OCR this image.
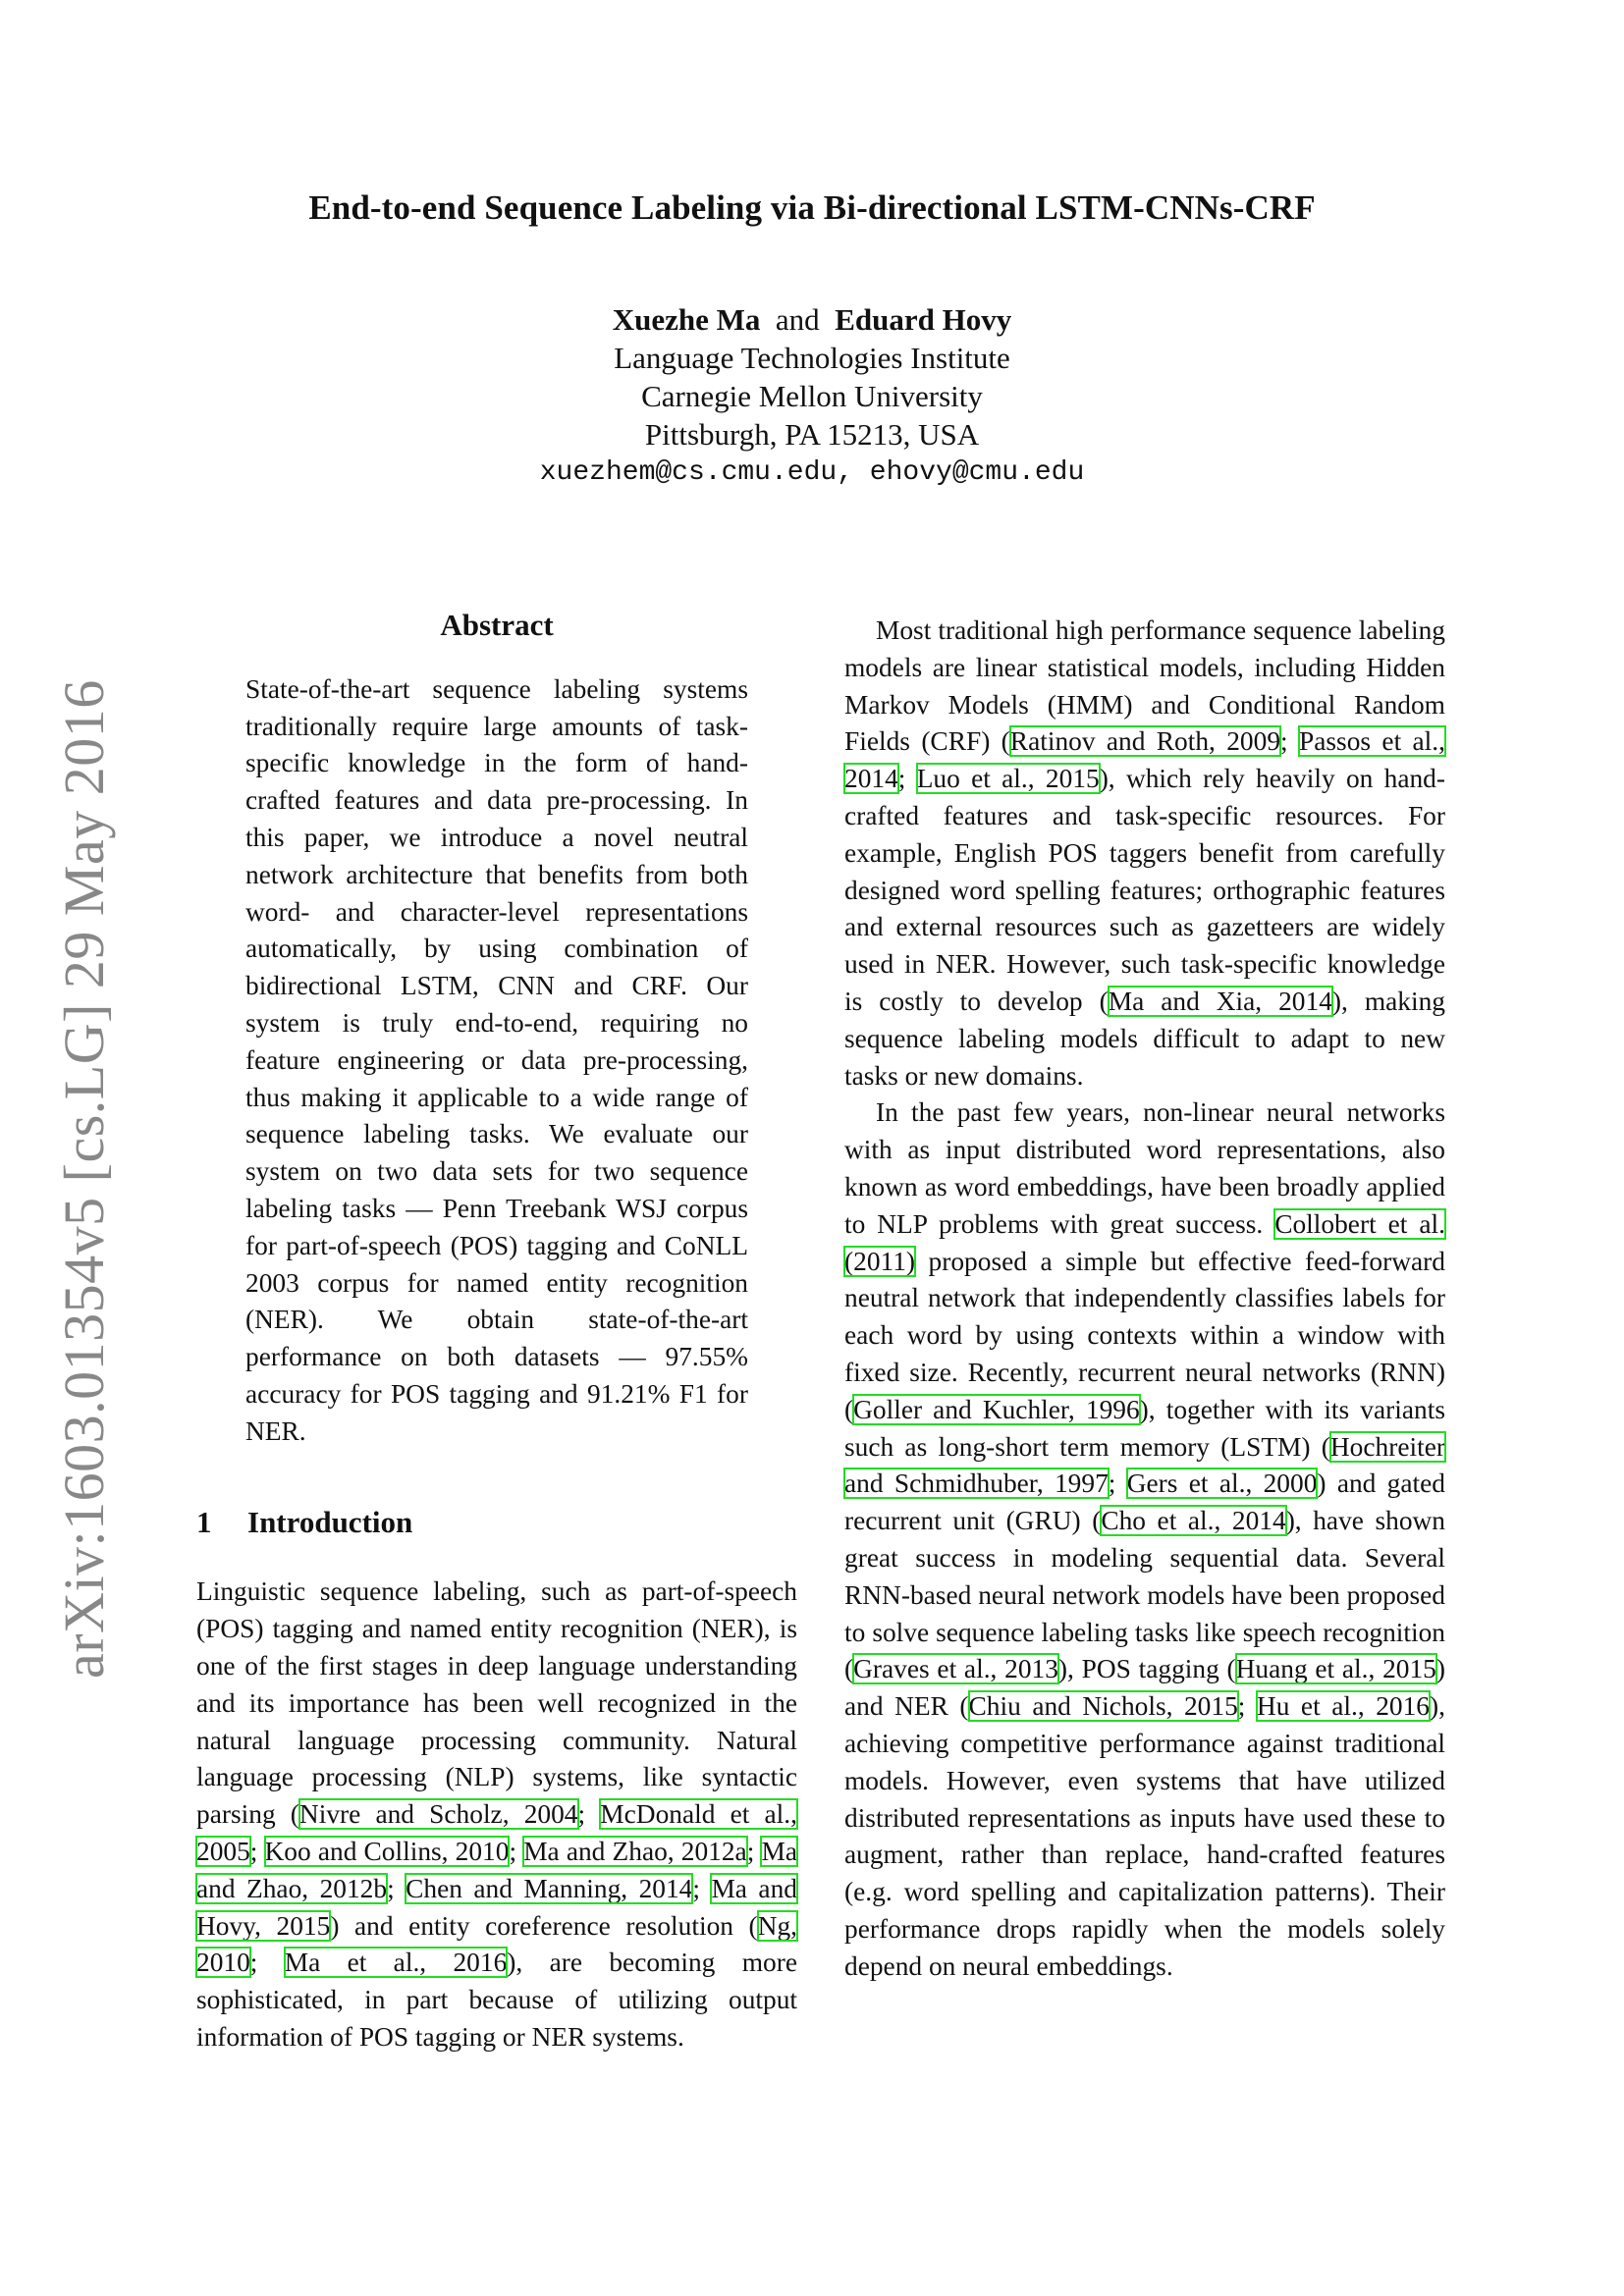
End-to-end Sequence Labeling via Bi-directional LSTM-CNNs-CRF
Xuezhe Ma and Eduard Hovy
Language Technologies Institute
Carnegie Mellon University
Pittsburgh, PA 15213, USA
xuezhem@cs.cmu.edu, ehovy@cmu.edu
arXiv:1603.01354v5 [cs.LG] 29 May 2016
Abstract

State-of-the-art sequence labeling systems traditionally require large amounts of task-specific knowledge in the form of hand-crafted features and data pre-processing. In this paper, we introduce a novel neutral network architecture that benefits from both word- and character-level representations automatically, by using combination of bidirectional LSTM, CNN and CRF. Our system is truly end-to-end, requiring no feature engineering or data pre-processing, thus making it applicable to a wide range of sequence labeling tasks. We evaluate our system on two data sets for two sequence labeling tasks — Penn Treebank WSJ corpus for part-of-speech (POS) tagging and CoNLL 2003 corpus for named entity recognition (NER). We obtain state-of-the-art performance on both datasets — 97.55% accuracy for POS tagging and 91.21% F1 for NER.

1 Introduction

Linguistic sequence labeling, such as part-of-speech (POS) tagging and named entity recognition (NER), is one of the first stages in deep language understanding and its importance has been well recognized in the natural language processing community. Natural language processing (NLP) systems, like syntactic parsing (Nivre and Scholz, 2004; McDonald et al., 2005; Koo and Collins, 2010; Ma and Zhao, 2012a; Ma and Zhao, 2012b; Chen and Manning, 2014; Ma and Hovy, 2015) and entity coreference resolution (Ng, 2010; Ma et al., 2016), are becoming more sophisticated, in part because of utilizing output information of POS tagging or NER systems.

Most traditional high performance sequence labeling models are linear statistical models, including Hidden Markov Models (HMM) and Conditional Random Fields (CRF) (Ratinov and Roth, 2009; Passos et al., 2014; Luo et al., 2015), which rely heavily on hand-crafted features and task-specific resources. For example, English POS taggers benefit from carefully designed word spelling features; orthographic features and external resources such as gazetteers are widely used in NER. However, such task-specific knowledge is costly to develop (Ma and Xia, 2014), making sequence labeling models difficult to adapt to new tasks or new domains.

In the past few years, non-linear neural networks with as input distributed word representations, also known as word embeddings, have been broadly applied to NLP problems with great success. Collobert et al. (2011) proposed a simple but effective feed-forward neutral network that independently classifies labels for each word by using contexts within a window with fixed size. Recently, recurrent neural networks (RNN) (Goller and Kuchler, 1996), together with its variants such as long-short term memory (LSTM) (Hochreiter and Schmidhuber, 1997; Gers et al., 2000) and gated recurrent unit (GRU) (Cho et al., 2014), have shown great success in modeling sequential data. Several RNN-based neural network models have been proposed to solve sequence labeling tasks like speech recognition (Graves et al., 2013), POS tagging (Huang et al., 2015) and NER (Chiu and Nichols, 2015; Hu et al., 2016), achieving competitive performance against traditional models. However, even systems that have utilized distributed representations as inputs have used these to augment, rather than replace, hand-crafted features (e.g. word spelling and capitalization patterns). Their performance drops rapidly when the models solely depend on neural embeddings.
